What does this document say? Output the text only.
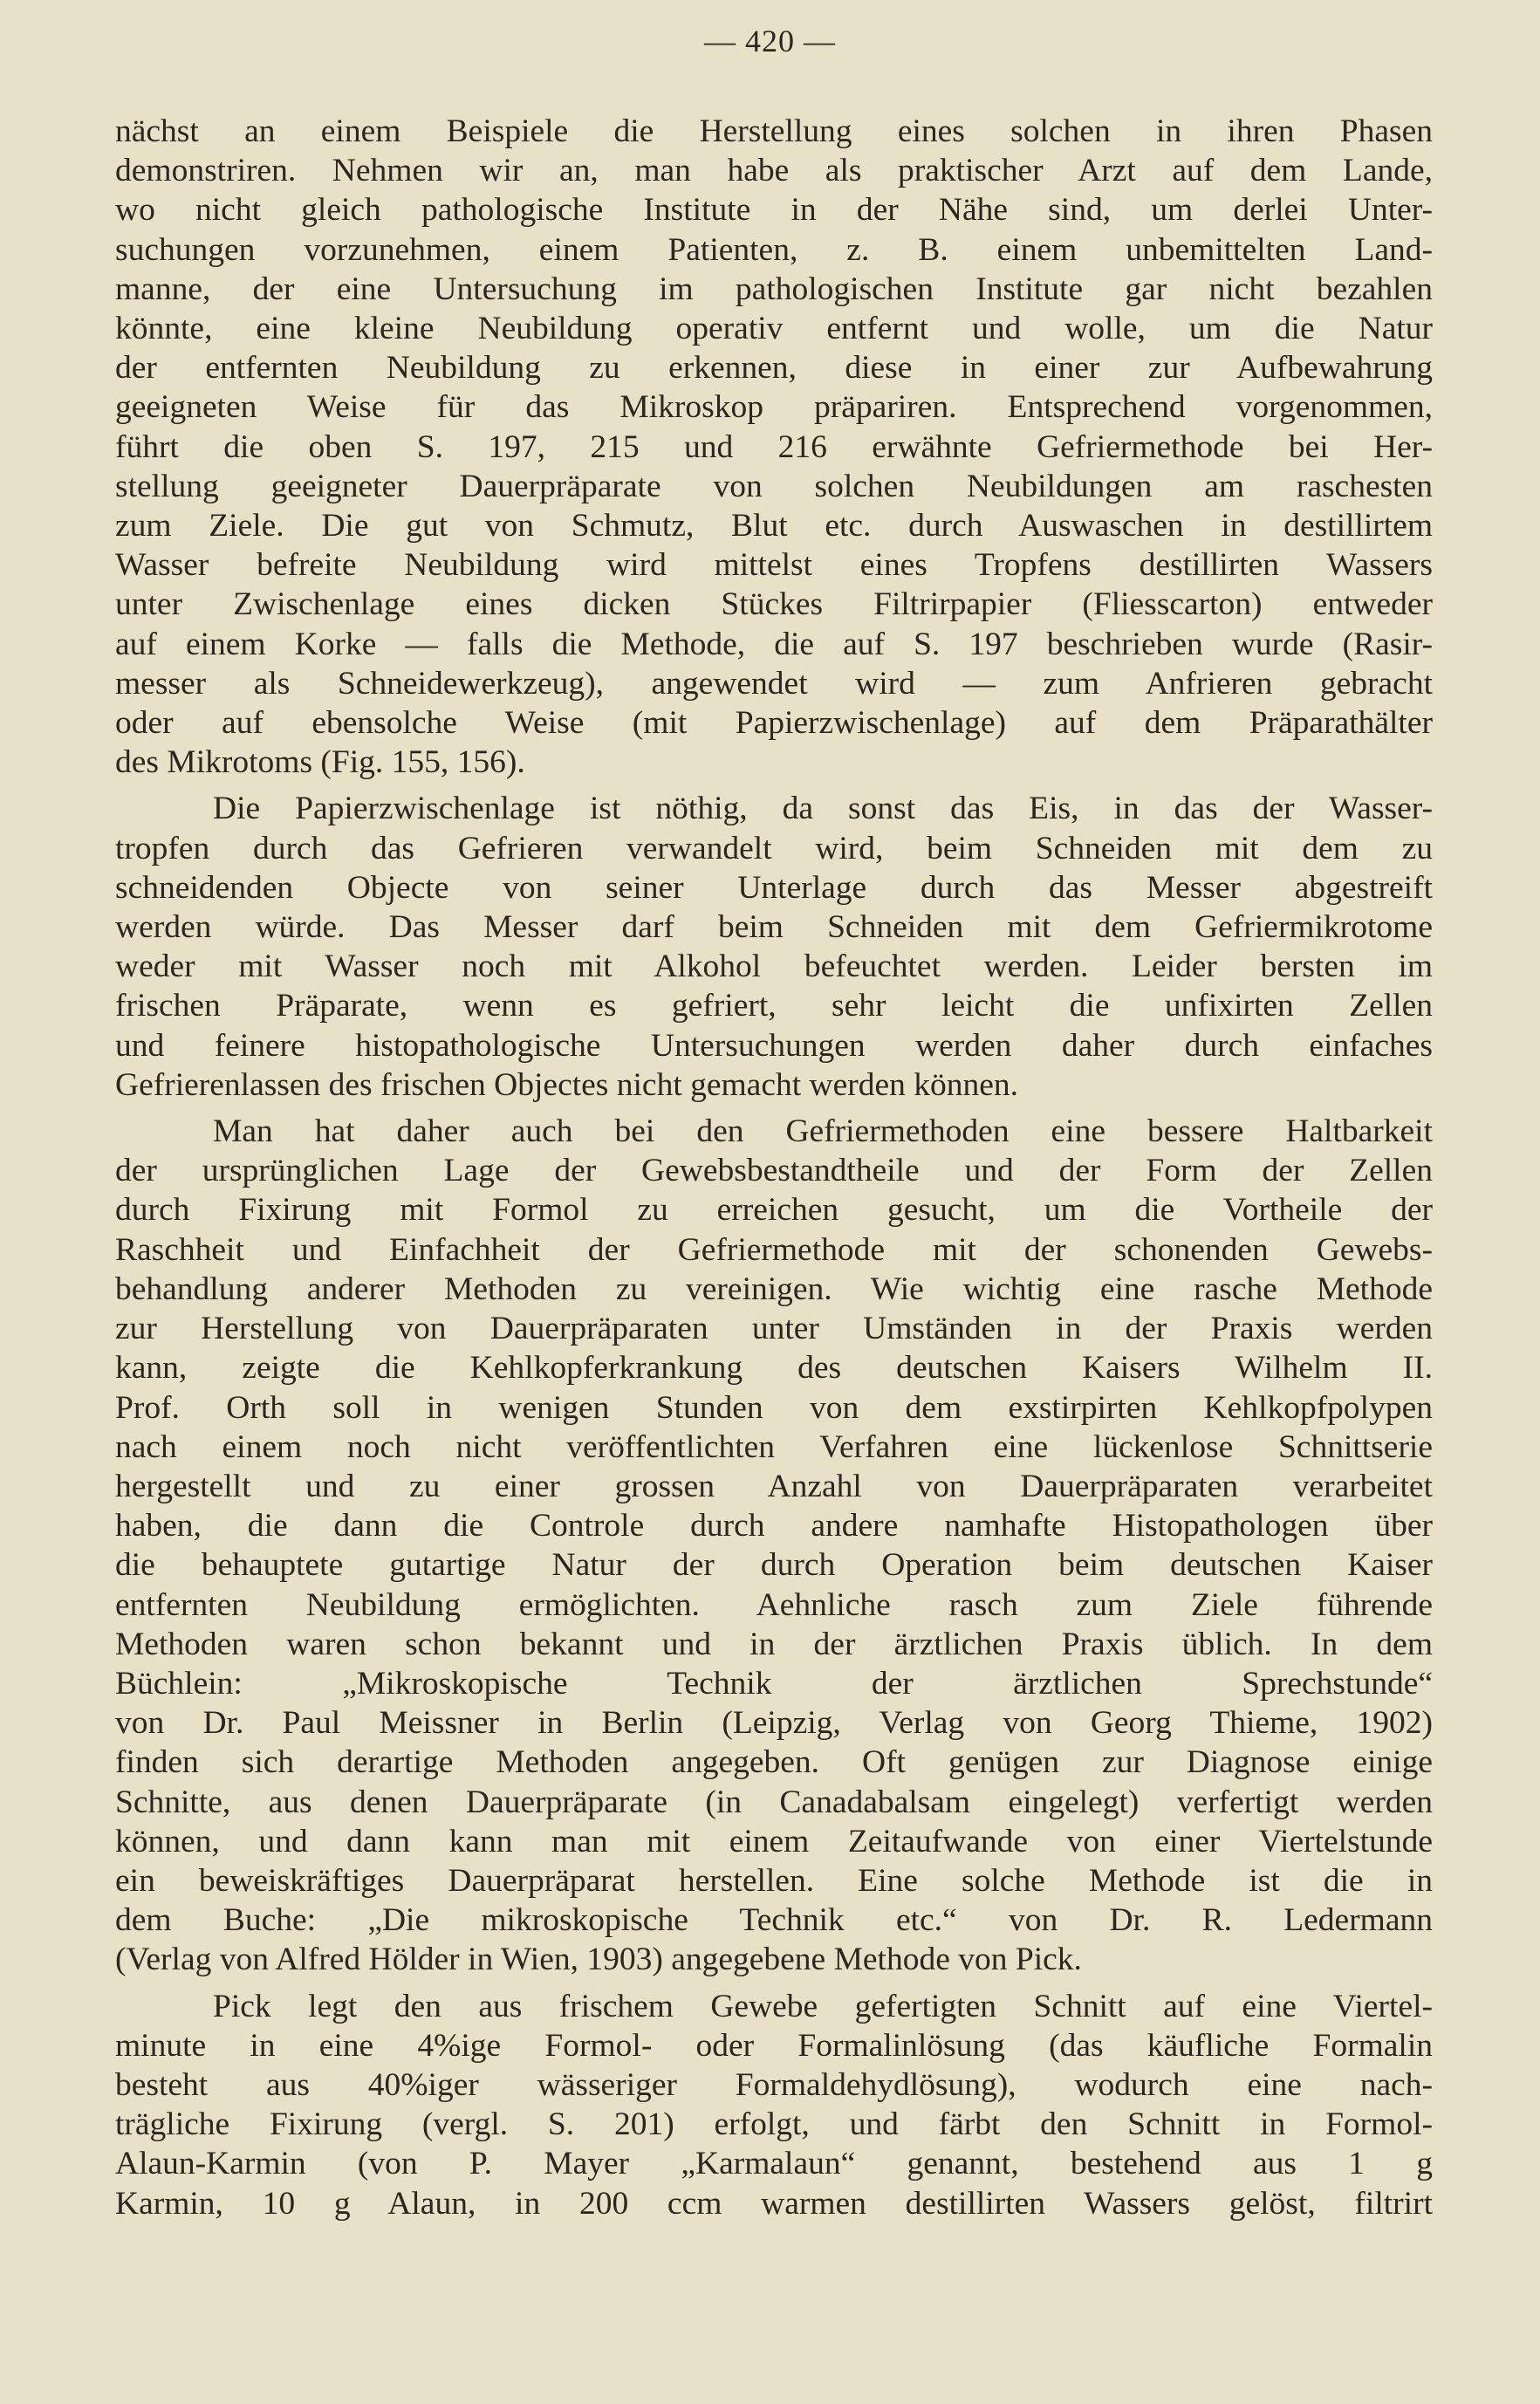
— 420 —
nächst an einem Beispiele die Herstellung eines solchen in ihren Phasen
demonstriren. Nehmen wir an, man habe als praktischer Arzt auf dem Lande,
wo nicht gleich pathologische Institute in der Nähe sind, um derlei Unter-
suchungen vorzunehmen, einem Patienten, z. B. einem unbemittelten Land-
manne, der eine Untersuchung im pathologischen Institute gar nicht bezahlen
könnte, eine kleine Neubildung operativ entfernt und wolle, um die Natur
der entfernten Neubildung zu erkennen, diese in einer zur Aufbewahrung
geeigneten Weise für das Mikroskop präpariren. Entsprechend vorgenommen,
führt die oben S. 197, 215 und 216 erwähnte Gefriermethode bei Her-
stellung geeigneter Dauerpräparate von solchen Neubildungen am raschesten
zum Ziele. Die gut von Schmutz, Blut etc. durch Auswaschen in destillirtem
Wasser befreite Neubildung wird mittelst eines Tropfens destillirten Wassers
unter Zwischenlage eines dicken Stückes Filtrirpapier (Fliesscarton) entweder
auf einem Korke — falls die Methode, die auf S. 197 beschrieben wurde (Rasir-
messer als Schneidewerkzeug), angewendet wird — zum Anfrieren gebracht
oder auf ebensolche Weise (mit Papierzwischenlage) auf dem Präparathälter
des Mikrotoms (Fig. 155, 156).
Die Papierzwischenlage ist nöthig, da sonst das Eis, in das der Wasser-
tropfen durch das Gefrieren verwandelt wird, beim Schneiden mit dem zu
schneidenden Objecte von seiner Unterlage durch das Messer abgestreift
werden würde. Das Messer darf beim Schneiden mit dem Gefriermikrotome
weder mit Wasser noch mit Alkohol befeuchtet werden. Leider bersten im
frischen Präparate, wenn es gefriert, sehr leicht die unfixirten Zellen
und feinere histopathologische Untersuchungen werden daher durch einfaches
Gefrierenlassen des frischen Objectes nicht gemacht werden können.
Man hat daher auch bei den Gefriermethoden eine bessere Haltbarkeit
der ursprünglichen Lage der Gewebsbestandtheile und der Form der Zellen
durch Fixirung mit Formol zu erreichen gesucht, um die Vortheile der
Raschheit und Einfachheit der Gefriermethode mit der schonenden Gewebs-
behandlung anderer Methoden zu vereinigen. Wie wichtig eine rasche Methode
zur Herstellung von Dauerpräparaten unter Umständen in der Praxis werden
kann, zeigte die Kehlkopferkrankung des deutschen Kaisers Wilhelm II.
Prof. Orth soll in wenigen Stunden von dem exstirpirten Kehlkopfpolypen
nach einem noch nicht veröffentlichten Verfahren eine lückenlose Schnittserie
hergestellt und zu einer grossen Anzahl von Dauerpräparaten verarbeitet
haben, die dann die Controle durch andere namhafte Histopathologen über
die behauptete gutartige Natur der durch Operation beim deutschen Kaiser
entfernten Neubildung ermöglichten. Aehnliche rasch zum Ziele führende
Methoden waren schon bekannt und in der ärztlichen Praxis üblich. In dem
Büchlein: „Mikroskopische Technik der ärztlichen Sprechstunde“
von Dr. Paul Meissner in Berlin (Leipzig, Verlag von Georg Thieme, 1902)
finden sich derartige Methoden angegeben. Oft genügen zur Diagnose einige
Schnitte, aus denen Dauerpräparate (in Canadabalsam eingelegt) verfertigt werden
können, und dann kann man mit einem Zeitaufwande von einer Viertelstunde
ein beweiskräftiges Dauerpräparat herstellen. Eine solche Methode ist die in
dem Buche: „Die mikroskopische Technik etc.“ von Dr. R. Ledermann
(Verlag von Alfred Hölder in Wien, 1903) angegebene Methode von Pick.
Pick legt den aus frischem Gewebe gefertigten Schnitt auf eine Viertel-
minute in eine 4%ige Formol- oder Formalinlösung (das käufliche Formalin
besteht aus 40%iger wässeriger Formaldehydlösung), wodurch eine nach-
trägliche Fixirung (vergl. S. 201) erfolgt, und färbt den Schnitt in Formol-
Alaun-Karmin (von P. Mayer „Karmalaun“ genannt, bestehend aus 1 g
Karmin, 10 g Alaun, in 200 ccm warmen destillirten Wassers gelöst, filtrirt
